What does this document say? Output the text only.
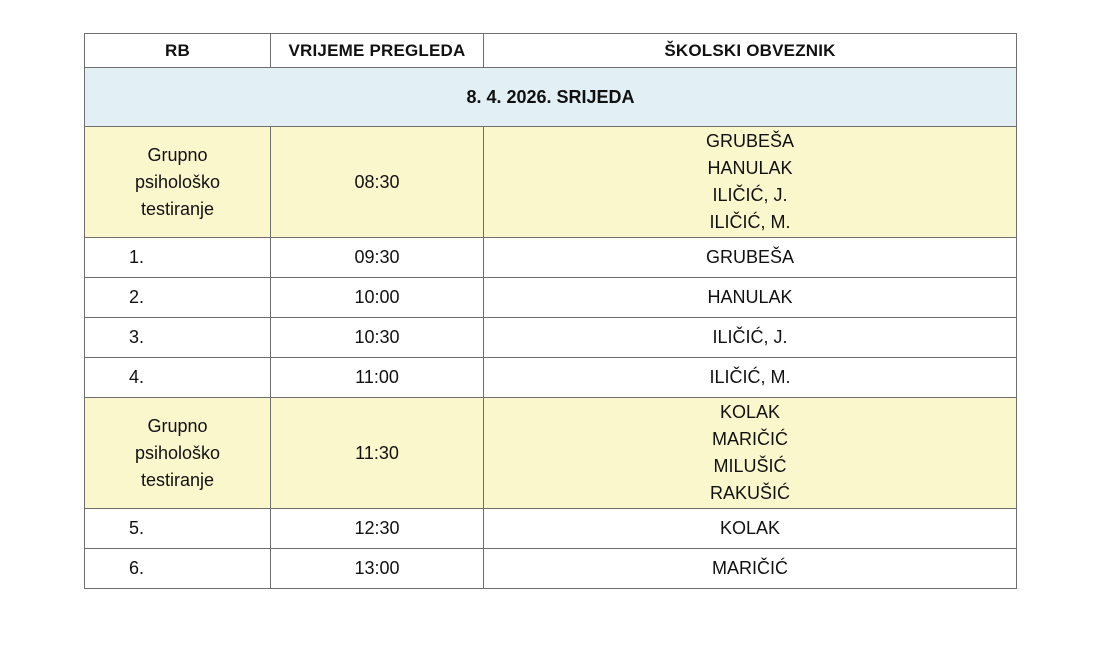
RB	VRIJEME PREGLEDA	ŠKOLSKI OBVEZNIK
8. 4. 2026. SRIJEDA		

Grupno
psihološko
testiranje	08:30	GRUBEŠA
HANULAK
ILIČIĆ, J.
ILIČIĆ, M.

1.	09:30	GRUBEŠA
2.	10:00	HANULAK
3.	10:30	ILIČIĆ, J.
4.	11:00	ILIČIĆ, M.

Grupno
psihološko
testiranje	11:30	KOLAK
MARIČIĆ
MILUŠIĆ
RAKUŠIĆ

5.	12:30	KOLAK
6.	13:00	MARIČIĆ
